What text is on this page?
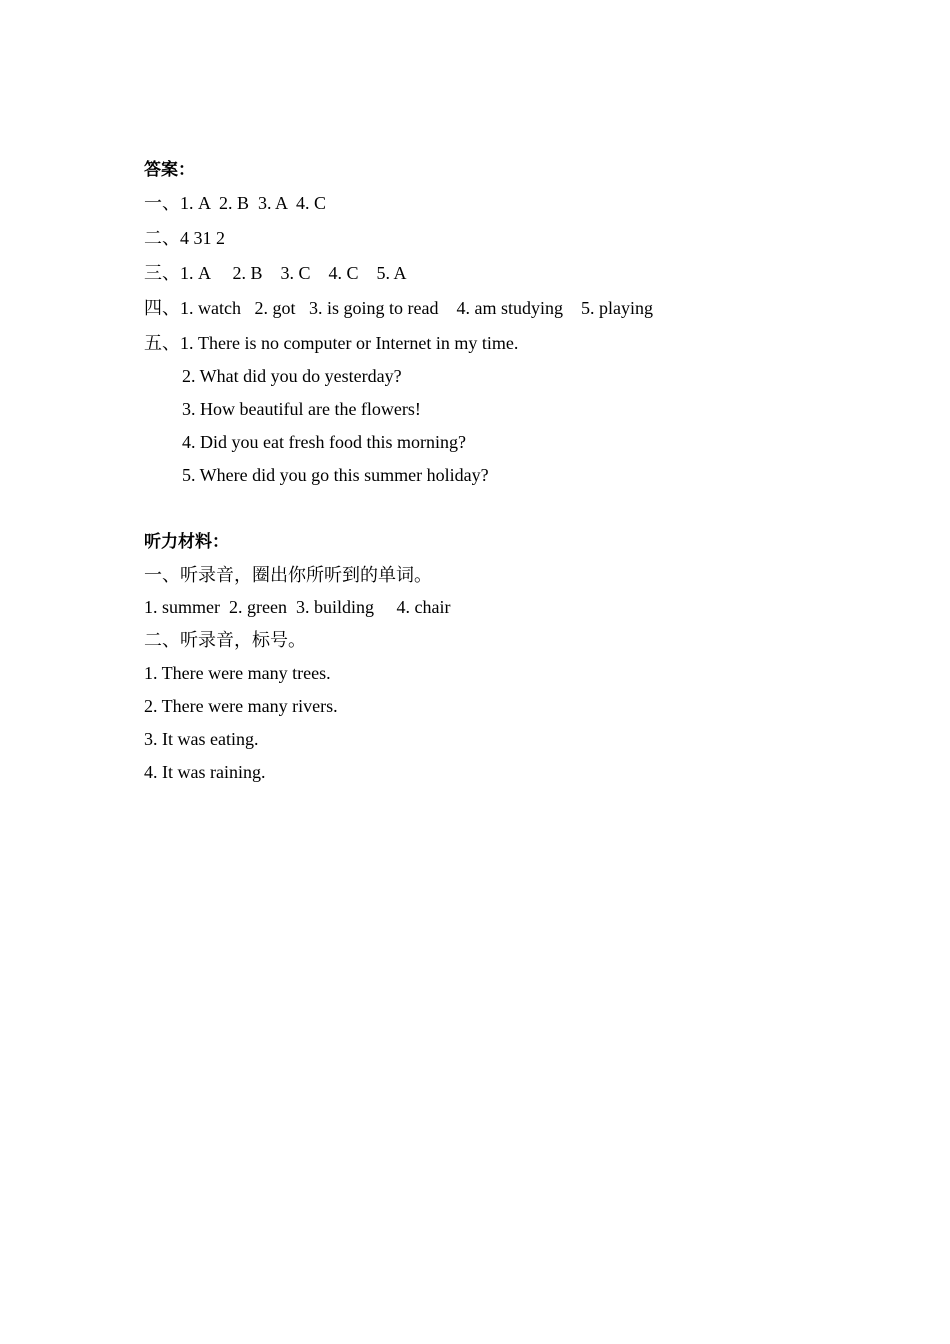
答案：
一、1. A  2. B  3. A  4. C
二、4 31 2
三、1. A     2. B    3. C    4. C    5. A
四、1. watch   2. got   3. is going to read    4. am studying    5. playing
五、1. There is no computer or Internet in my time.
2. What did you do yesterday?
3. How beautiful are the flowers!
4. Did you eat fresh food this morning?
5. Where did you go this summer holiday?
听力材料：
一、听录音，圈出你所听到的单词。
1. summer  2. green  3. building     4. chair
二、听录音，标号。
1. There were many trees.
2. There were many rivers.
3. It was eating.
4. It was raining.
